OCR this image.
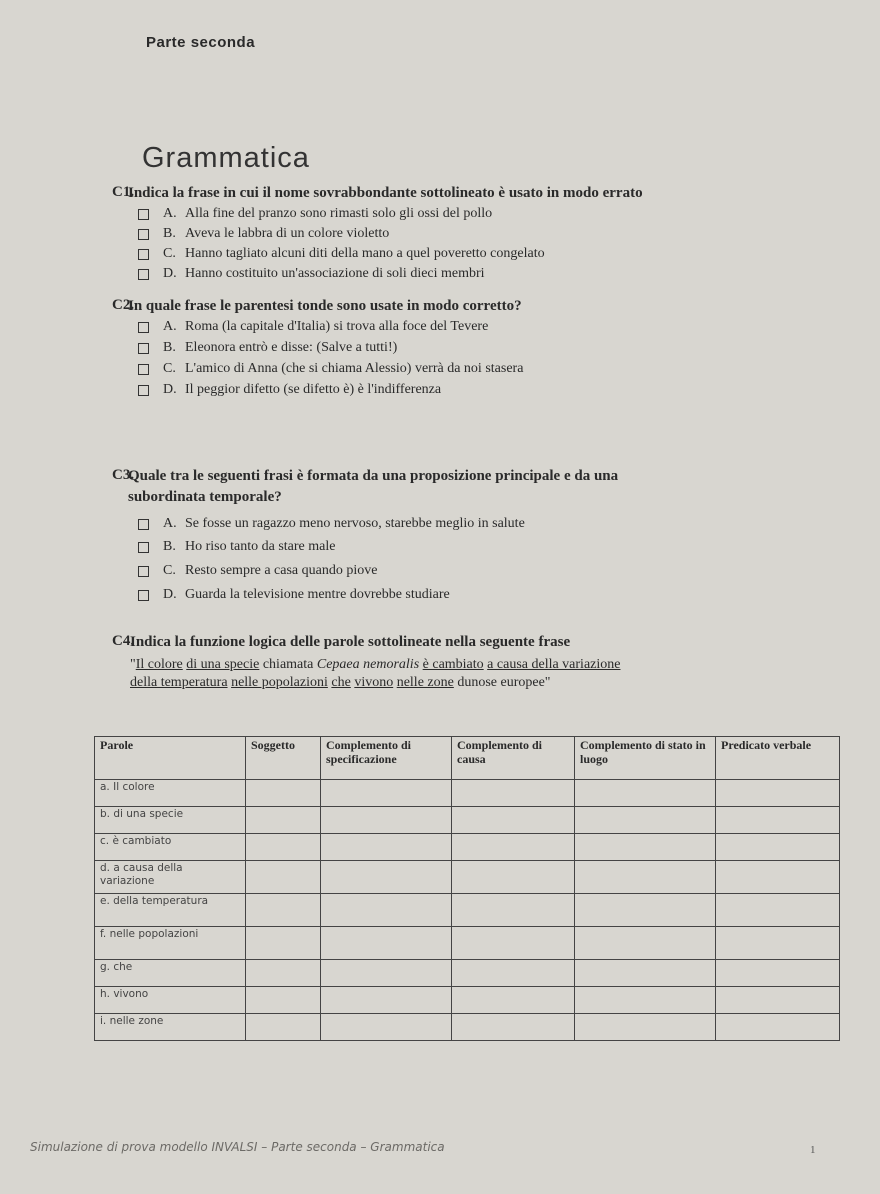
Parte seconda
Grammatica
C1.
Indica la frase in cui il nome sovrabbondante sottolineato è usato in modo errato
A. Alla fine del pranzo sono rimasti solo gli ossi del pollo
B. Aveva le labbra di un colore violetto
C. Hanno tagliato alcuni diti della mano a quel poveretto congelato
D. Hanno costituito un'associazione di soli dieci membri
C2.
In quale frase le parentesi tonde sono usate in modo corretto?
A. Roma (la capitale d'Italia) si trova alla foce del Tevere
B. Eleonora entrò e disse: (Salve a tutti!)
C. L'amico di Anna (che si chiama Alessio) verrà da noi stasera
D. Il peggior difetto (se difetto è) è l'indifferenza
C3.
Quale tra le seguenti frasi è formata da una proposizione principale e da una
subordinata temporale?
A. Se fosse un ragazzo meno nervoso, starebbe meglio in salute
B. Ho riso tanto da stare male
C. Resto sempre a casa quando piove
D. Guarda la televisione mentre dovrebbe studiare
C4.
Indica la funzione logica delle parole sottolineate nella seguente frase
"Il colore di una specie chiamata Cepaea nemoralis è cambiato a causa della variazione
della temperatura nelle popolazioni che vivono nelle zone dunose europee"
Parole	Soggetto	Complemento di specificazione	Complemento di causa	Complemento di stato in luogo	Predicato verbale
a. Il colore					
b. di una specie					
c. è cambiato					
d. a causa della variazione					
e. della temperatura					
f. nelle popolazioni					
g. che					
h. vivono					
i. nelle zone					
Simulazione di prova modello INVALSI – Parte seconda – Grammatica	1
